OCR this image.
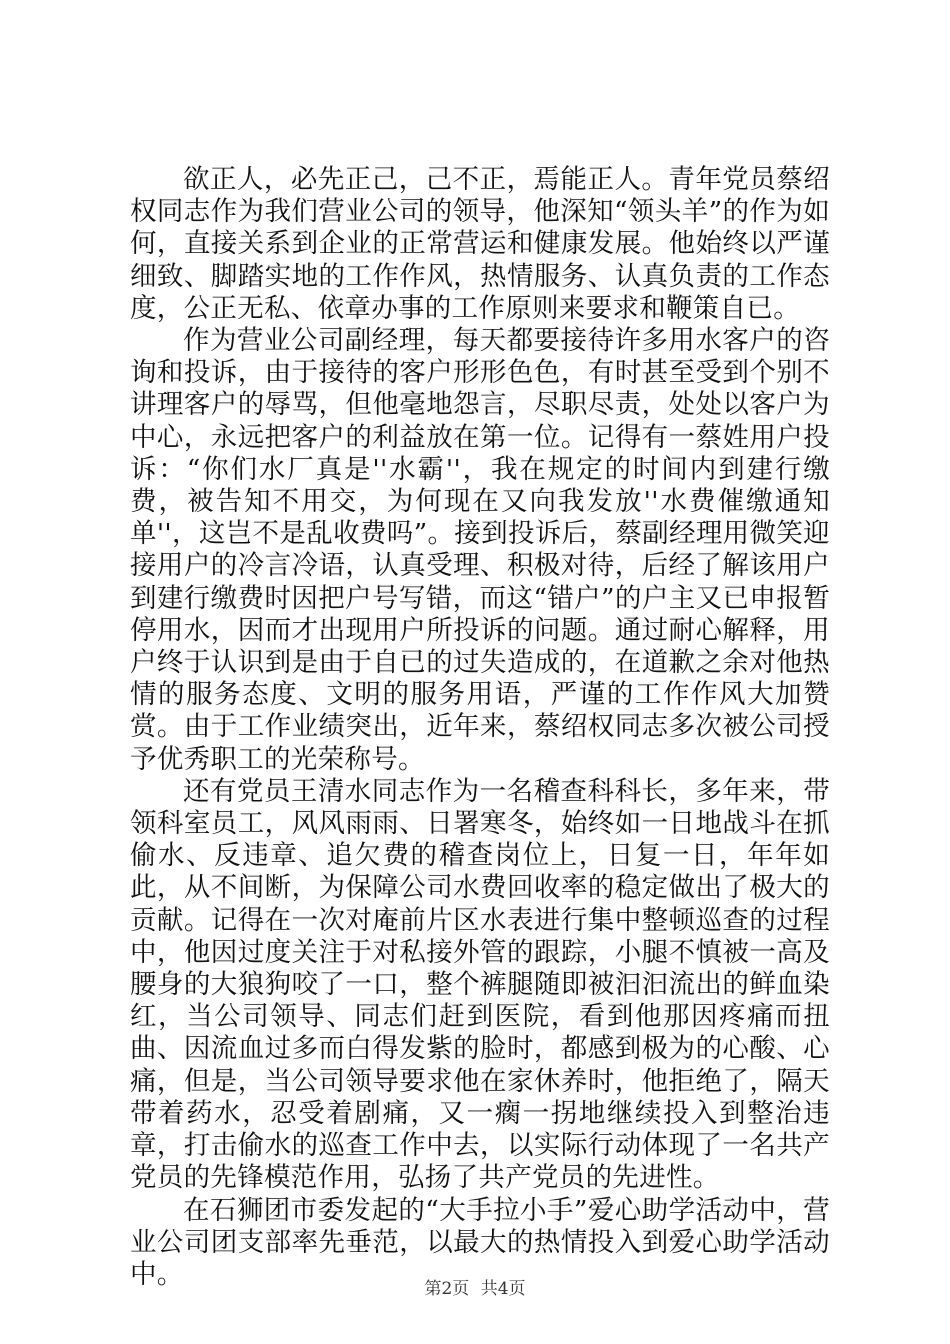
欲正人，必先正己，己不正，焉能正人。青年党员蔡绍权同志作为我们营业公司的领导，他深知“领头羊”的作为如何，直接关系到企业的正常营运和健康发展。他始终以严谨细致、脚踏实地的工作作风，热情服务、认真负责的工作态度，公正无私、依章办事的工作原则来要求和鞭策自已。

作为营业公司副经理，每天都要接待许多用水客户的咨询和投诉，由于接待的客户形形色色，有时甚至受到个别不讲理客户的辱骂，但他毫地怨言，尽职尽责，处处以客户为中心，永远把客户的利益放在第一位。记得有一蔡姓用户投诉：“你们水厂真是''水霸''，我在规定的时间内到建行缴费，被告知不用交，为何现在又向我发放''水费催缴通知单''，这岂不是乱收费吗”。接到投诉后，蔡副经理用微笑迎接用户的冷言冷语，认真受理、积极对待，后经了解该用户到建行缴费时因把户号写错，而这“错户”的户主又已申报暂停用水，因而才出现用户所投诉的问题。通过耐心解释，用户终于认识到是由于自已的过失造成的，在道歉之余对他热情的服务态度、文明的服务用语，严谨的工作作风大加赞赏。由于工作业绩突出，近年来，蔡绍权同志多次被公司授予优秀职工的光荣称号。

还有党员王清水同志作为一名稽查科科长，多年来，带领科室员工，风风雨雨、日署寒冬，始终如一日地战斗在抓偷水、反违章、追欠费的稽查岗位上，日复一日，年年如此，从不间断，为保障公司水费回收率的稳定做出了极大的贡献。记得在一次对庵前片区水表进行集中整顿巡查的过程中，他因过度关注于对私接外管的跟踪，小腿不慎被一高及腰身的大狼狗咬了一口，整个裤腿随即被汩汩流出的鲜血染红，当公司领导、同志们赶到医院，看到他那因疼痛而扭曲、因流血过多而白得发紫的脸时，都感到极为的心酸、心痛，但是，当公司领导要求他在家休养时，他拒绝了，隔天带着药水，忍受着剧痛，又一瘸一拐地继续投入到整治违章，打击偷水的巡查工作中去，以实际行动体现了一名共产党员的先锋模范作用，弘扬了共产党员的先进性。

在石狮团市委发起的“大手拉小手”爱心助学活动中，营业公司团支部率先垂范，以最大的热情投入到爱心助学活动中。	第2页 共4页
